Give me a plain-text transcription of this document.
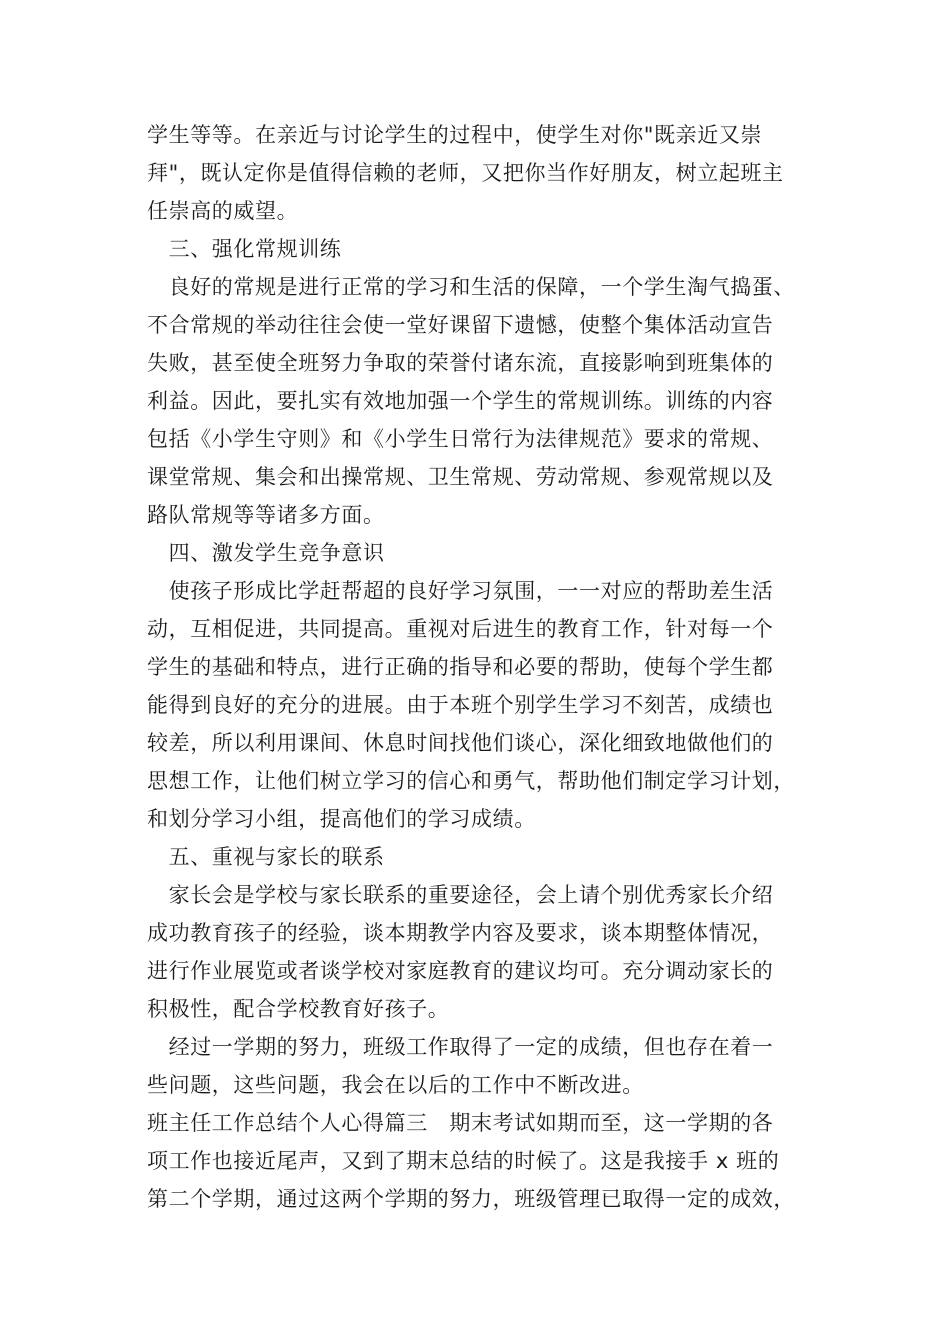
学生等等。在亲近与讨论学生的过程中，使学生对你"既亲近又崇
拜"，既认定你是值得信赖的老师，又把你当作好朋友，树立起班主
任崇高的威望。
　三、强化常规训练
　良好的常规是进行正常的学习和生活的保障，一个学生淘气捣蛋、
不合常规的举动往往会使一堂好课留下遗憾，使整个集体活动宣告
失败，甚至使全班努力争取的荣誉付诸东流，直接影响到班集体的
利益。因此，要扎实有效地加强一个学生的常规训练。训练的内容
包括《小学生守则》和《小学生日常行为法律规范》要求的常规、
课堂常规、集会和出操常规、卫生常规、劳动常规、参观常规以及
路队常规等等诸多方面。
　四、激发学生竞争意识
　使孩子形成比学赶帮超的良好学习氛围，一一对应的帮助差生活
动，互相促进，共同提高。重视对后进生的教育工作，针对每一个
学生的基础和特点，进行正确的指导和必要的帮助，使每个学生都
能得到良好的充分的进展。由于本班个别学生学习不刻苦，成绩也
较差，所以利用课间、休息时间找他们谈心，深化细致地做他们的
思想工作，让他们树立学习的信心和勇气，帮助他们制定学习计划，
和划分学习小组，提高他们的学习成绩。
　五、重视与家长的联系
　家长会是学校与家长联系的重要途径，会上请个别优秀家长介绍
成功教育孩子的经验，谈本期教学内容及要求，谈本期整体情况，
进行作业展览或者谈学校对家庭教育的建议均可。充分调动家长的
积极性，配合学校教育好孩子。
　经过一学期的努力，班级工作取得了一定的成绩，但也存在着一
些问题，这些问题，我会在以后的工作中不断改进。
班主任工作总结个人心得篇三　期末考试如期而至，这一学期的各
项工作也接近尾声，又到了期末总结的时候了。这是我接手 x 班的
第二个学期，通过这两个学期的努力，班级管理已取得一定的成效，
